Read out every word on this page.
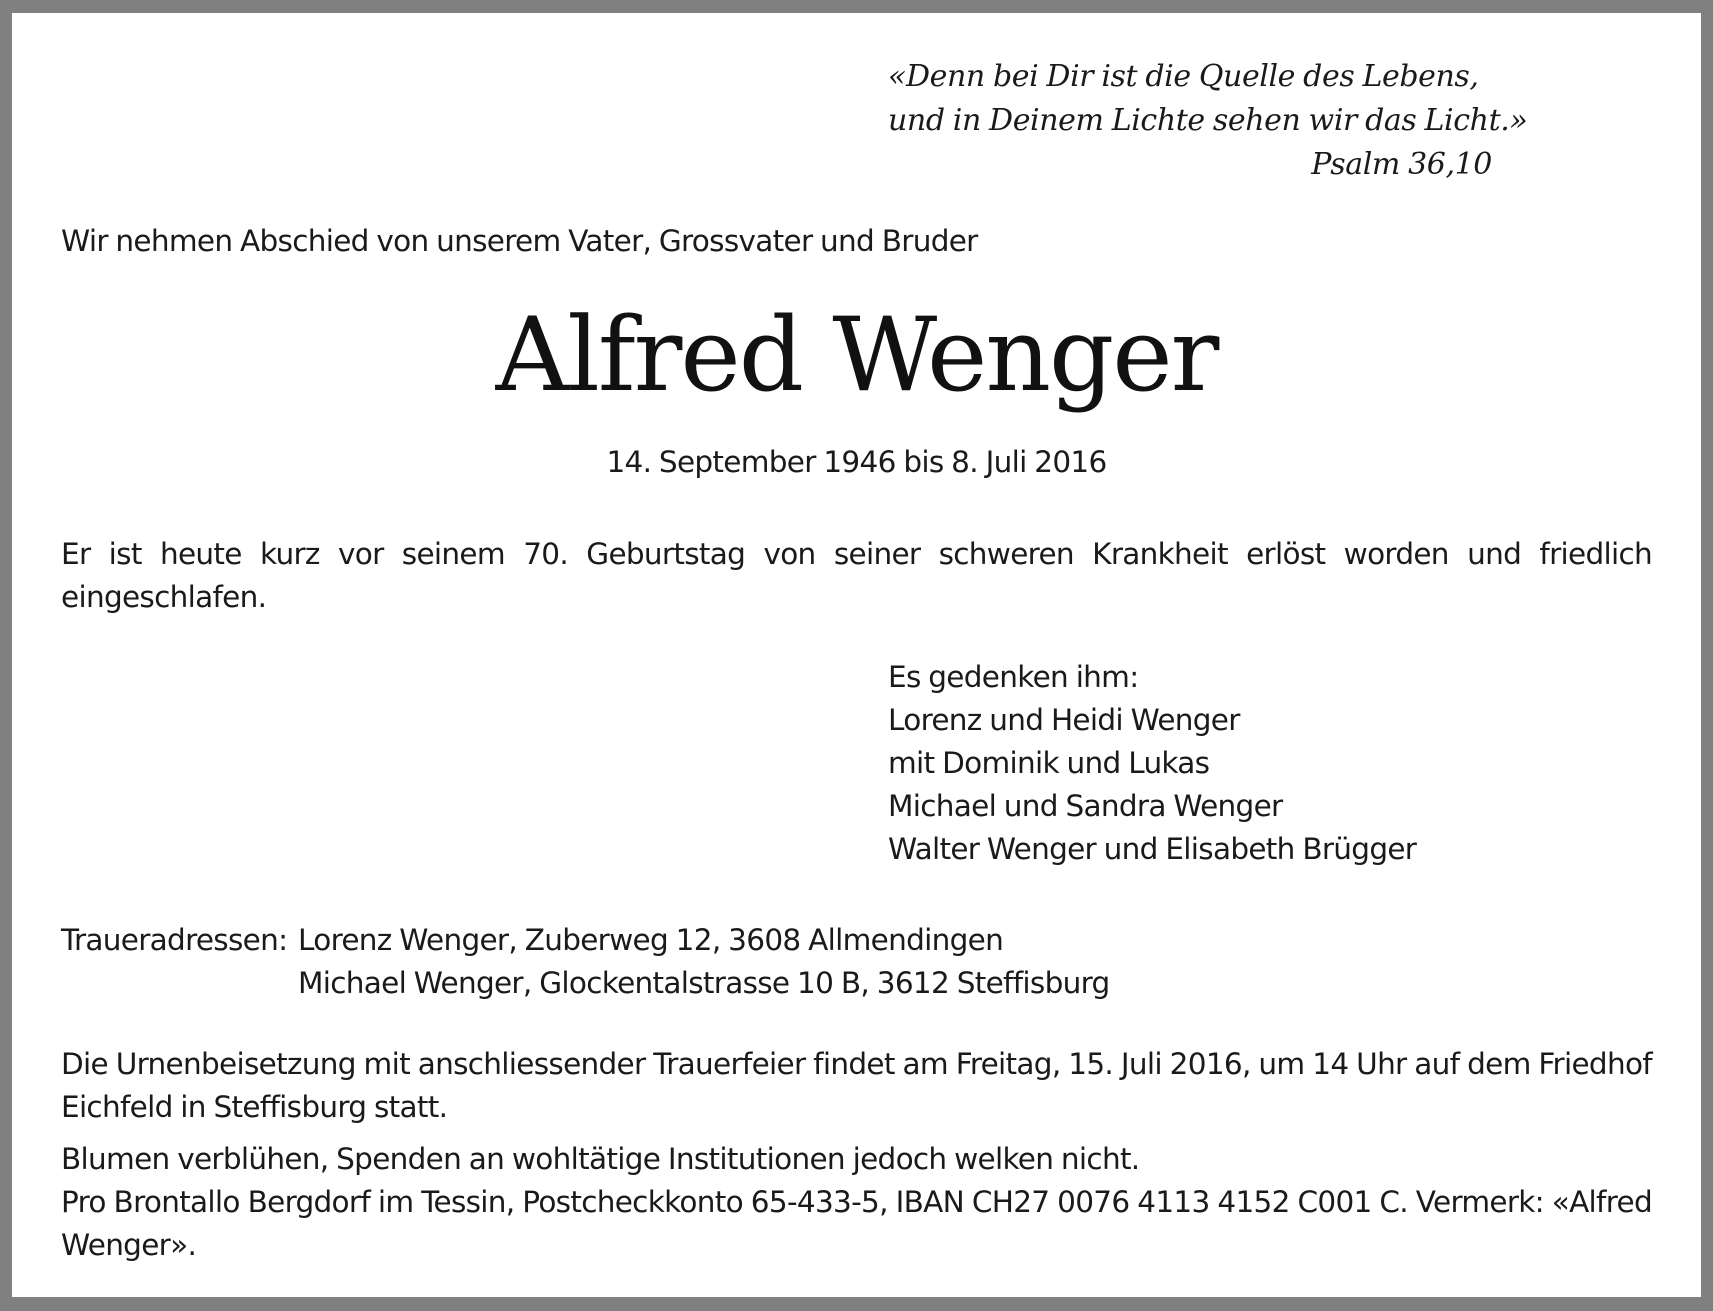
«Denn bei Dir ist die Quelle des Lebens,
und in Deinem Lichte sehen wir das Licht.»
Psalm 36,10
Wir nehmen Abschied von unserem Vater, Grossvater und Bruder
Alfred Wenger
14. September 1946 bis 8. Juli 2016
Er ist heute kurz vor seinem 70. Geburtstag von seiner schweren Krankheit erlöst worden und friedlich eingeschlafen.
Es gedenken ihm:
Lorenz und Heidi Wenger
mit Dominik und Lukas
Michael und Sandra Wenger
Walter Wenger und Elisabeth Brügger
Traueradressen: Lorenz Wenger, Zuberweg 12, 3608 Allmendingen
Michael Wenger, Glockentalstrasse 10 B, 3612 Steffisburg
Die Urnenbeisetzung mit anschliessender Trauerfeier findet am Freitag, 15. Juli 2016, um 14 Uhr auf dem Friedhof Eichfeld in Steffisburg statt.
Blumen verblühen, Spenden an wohltätige Institutionen jedoch welken nicht.
Pro Brontallo Bergdorf im Tessin, Postcheckkonto 65-433-5, IBAN CH27 0076 4113 4152 C001 C. Vermerk: «Alfred Wenger».
